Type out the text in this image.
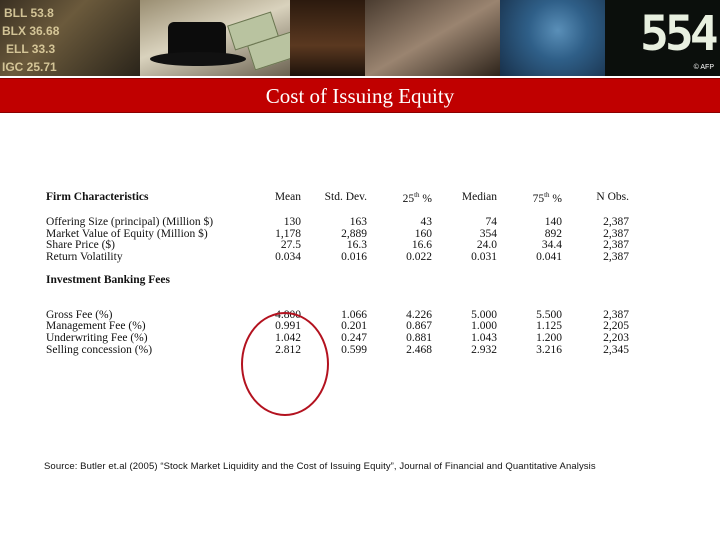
BLL 53.8
BLX 36.68
ELL 33.3
IGC 25.71
554
© AFP
Cost of Issuing Equity
Firm Characteristics	Mean	Std. Dev.	25th %	Median	75th %	N Obs.

Offering Size (principal) (Million $)	130	163	43	74	140	2,387
Market Value of Equity (Million $)	1,178	2,889	160	354	892	2,387
Share Price ($)	27.5	16.3	16.6	24.0	34.4	2,387
Return Volatility	0.034	0.016	0.022	0.031	0.041	2,387

Investment Banking Fees						

Gross Fee (%)	4.800	1.066	4.226	5.000	5.500	2,387
Management Fee (%)	0.991	0.201	0.867	1.000	1.125	2,205
Underwriting Fee (%)	1.042	0.247	0.881	1.043	1.200	2,203
Selling concession (%)	2.812	0.599	2.468	2.932	3.216	2,345
Source: Butler et.al (2005) “Stock Market Liquidity and the Cost of Issuing Equity”, Journal of Financial and Quantitative Analysis
